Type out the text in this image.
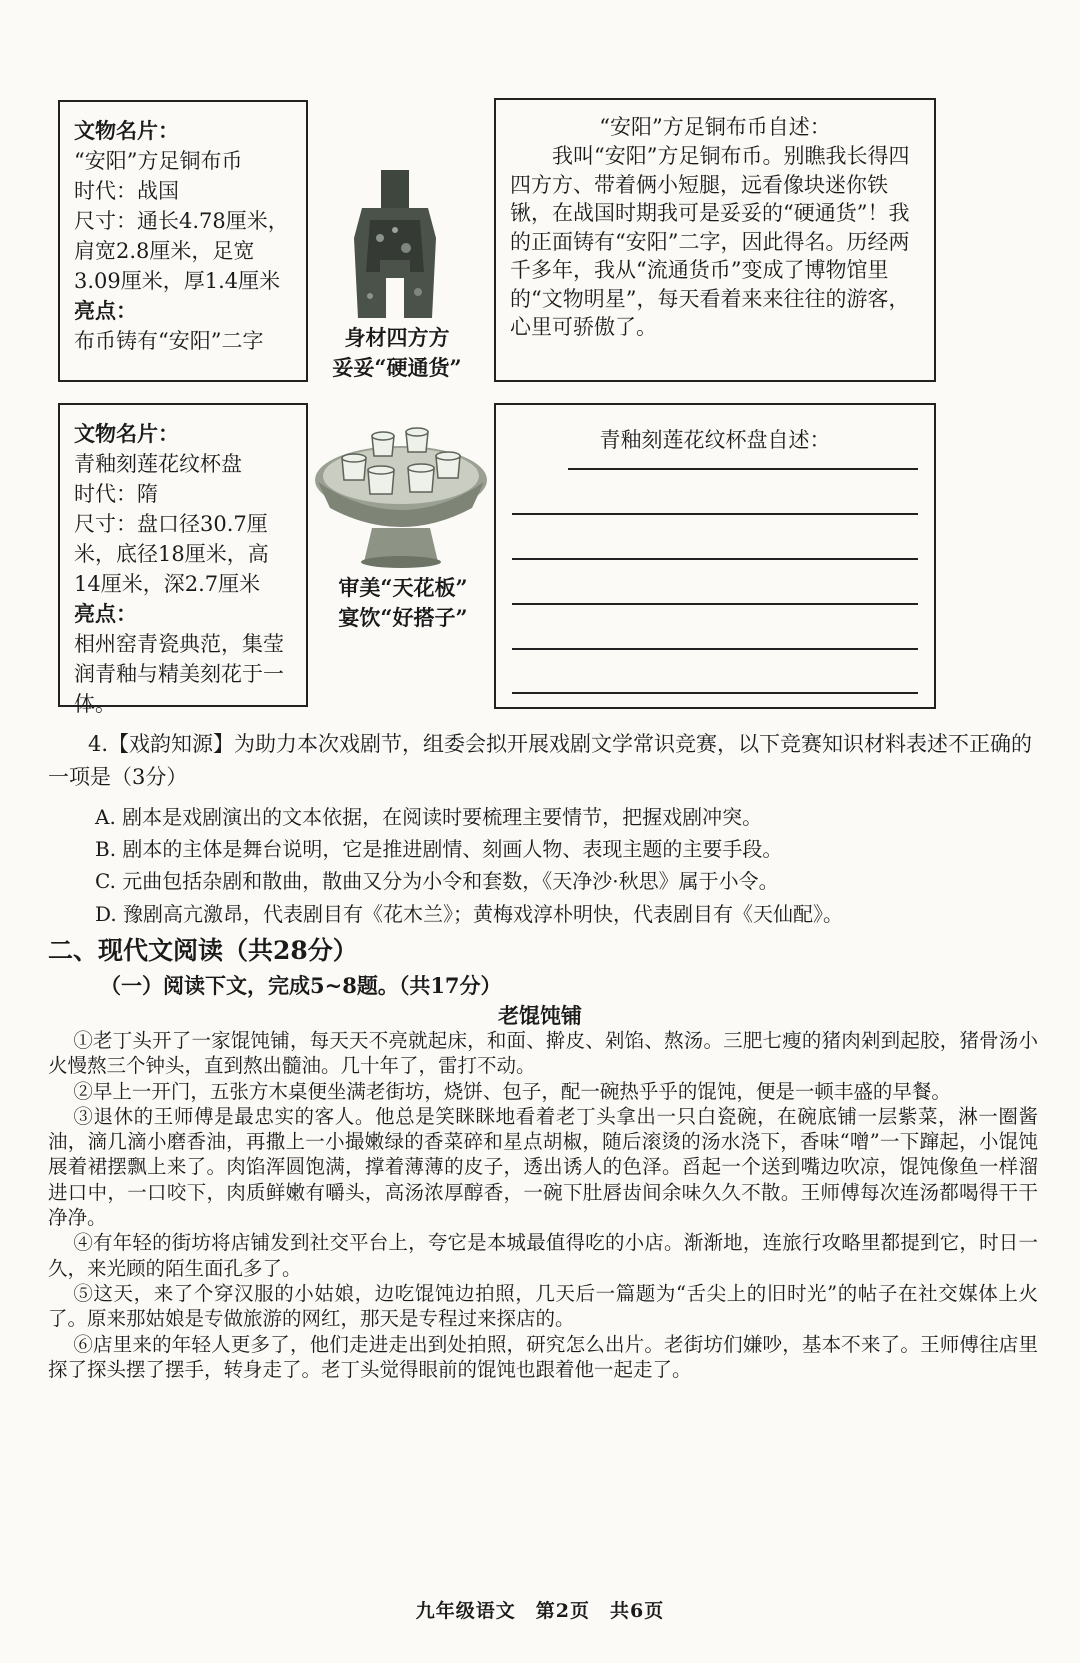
文物名片：
“安阳”方足铜布币
时代：战国
尺寸：通长4.78厘米，
肩宽2.8厘米，足宽
3.09厘米，厚1.4厘米
亮点：
布币铸有“安阳”二字	身材四方方
妥妥“硬通货”
“安阳”方足铜布币自述：
我叫“安阳”方足铜布币。别瞧我长得四四方方、带着俩小短腿，远看像块迷你铁锹，在战国时期我可是妥妥的“硬通货”！我的正面铸有“安阳”二字，因此得名。历经两千多年，我从“流通货币”变成了博物馆里的“文物明星”，每天看着来来往往的游客，心里可骄傲了。
文物名片：
青釉刻莲花纹杯盘
时代：隋
尺寸：盘口径30.7厘
米，底径18厘米，高
14厘米，深2.7厘米
亮点：
相州窑青瓷典范，集莹
润青釉与精美刻花于一
体。
审美“天花板”
宴饮“好搭子”
青釉刻莲花纹杯盘自述：
4.【戏韵知源】为助力本次戏剧节，组委会拟开展戏剧文学常识竞赛，以下竞赛知识材料表述不正确的一项是（3分）
A. 剧本是戏剧演出的文本依据，在阅读时要梳理主要情节，把握戏剧冲突。
B. 剧本的主体是舞台说明，它是推进剧情、刻画人物、表现主题的主要手段。
C. 元曲包括杂剧和散曲，散曲又分为小令和套数，《天净沙·秋思》属于小令。
D. 豫剧高亢激昂，代表剧目有《花木兰》；黄梅戏淳朴明快，代表剧目有《天仙配》。
二、现代文阅读（共28分）
（一）阅读下文，完成5~8题。（共17分）
老馄饨铺

①老丁头开了一家馄饨铺，每天天不亮就起床，和面、擀皮、剁馅、熬汤。三肥七瘦的猪肉剁到起胶，猪骨汤小火慢熬三个钟头，直到熬出髓油。几十年了，雷打不动。

②早上一开门，五张方木桌便坐满老街坊，烧饼、包子，配一碗热乎乎的馄饨，便是一顿丰盛的早餐。

③退休的王师傅是最忠实的客人。他总是笑眯眯地看着老丁头拿出一只白瓷碗，在碗底铺一层紫菜，淋一圈酱油，滴几滴小磨香油，再撒上一小撮嫩绿的香菜碎和星点胡椒，随后滚烫的汤水浇下，香味“噌”一下蹿起，小馄饨展着裙摆飘上来了。肉馅浑圆饱满，撑着薄薄的皮子，透出诱人的色泽。舀起一个送到嘴边吹凉，馄饨像鱼一样溜进口中，一口咬下，肉质鲜嫩有嚼头，高汤浓厚醇香，一碗下肚唇齿间余味久久不散。王师傅每次连汤都喝得干干净净。

④有年轻的街坊将店铺发到社交平台上，夸它是本城最值得吃的小店。渐渐地，连旅行攻略里都提到它，时日一久，来光顾的陌生面孔多了。

⑤这天，来了个穿汉服的小姑娘，边吃馄饨边拍照，几天后一篇题为“舌尖上的旧时光”的帖子在社交媒体上火了。原来那姑娘是专做旅游的网红，那天是专程过来探店的。

⑥店里来的年轻人更多了，他们走进走出到处拍照，研究怎么出片。老街坊们嫌吵，基本不来了。王师傅往店里探了探头摆了摆手，转身走了。老丁头觉得眼前的馄饨也跟着他一起走了。

九年级语文　第2页　共6页
